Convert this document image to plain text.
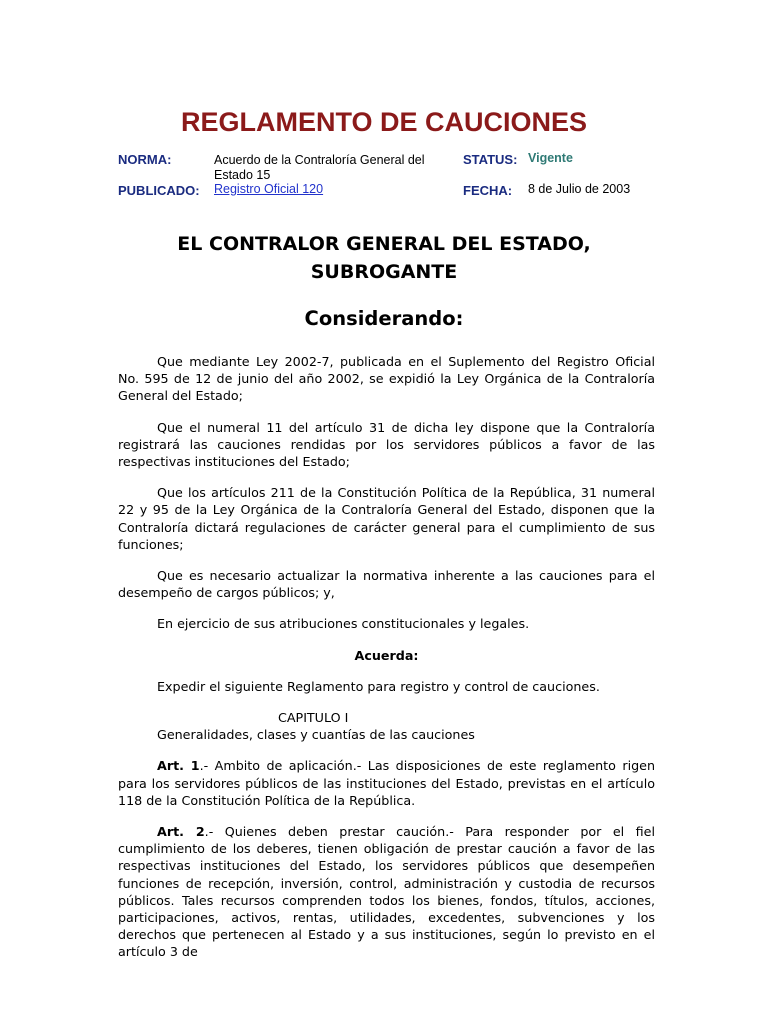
REGLAMENTO DE CAUCIONES
NORMA:	Acuerdo de la Contraloría General del
Estado 15
PUBLICADO: Registro Oficial 120
STATUS: Vigente
FECHA: 8 de Julio de 2003
EL CONTRALOR GENERAL DEL ESTADO,
SUBROGANTE
Considerando:

Que mediante Ley 2002-7, publicada en el Suplemento del Registro Oficial No. 595 de 12 de junio del año 2002, se expidió la Ley Orgánica de la Contraloría General del Estado;

Que el numeral 11 del artículo 31 de dicha ley dispone que la Contraloría registrará las cauciones rendidas por los servidores públicos a favor de las respectivas instituciones del Estado;

Que los artículos 211 de la Constitución Política de la República, 31 numeral 22 y 95 de la Ley Orgánica de la Contraloría General del Estado, disponen que la Contraloría dictará regulaciones de carácter general para el cumplimiento de sus funciones;

Que es necesario actualizar la normativa inherente a las cauciones para el desempeño de cargos públicos; y,

En ejercicio de sus atribuciones constitucionales y legales.

Acuerda:

Expedir el siguiente Reglamento para registro y control de cauciones.

CAPITULO I
Generalidades, clases y cuantías de las cauciones

Art. 1.- Ambito de aplicación.- Las disposiciones de este reglamento rigen para los servidores públicos de las instituciones del Estado, previstas en el artículo 118 de la Constitución Política de la República.

Art. 2.- Quienes deben prestar caución.- Para responder por el fiel cumplimiento de los deberes, tienen obligación de prestar caución a favor de las respectivas instituciones del Estado, los servidores públicos que desempeñen funciones de recepción, inversión, control, administración y custodia de recursos públicos. Tales recursos comprenden todos los bienes, fondos, títulos, acciones, participaciones, activos, rentas, utilidades, excedentes, subvenciones y los derechos que pertenecen al Estado y a sus instituciones, según lo previsto en el artículo 3 de
